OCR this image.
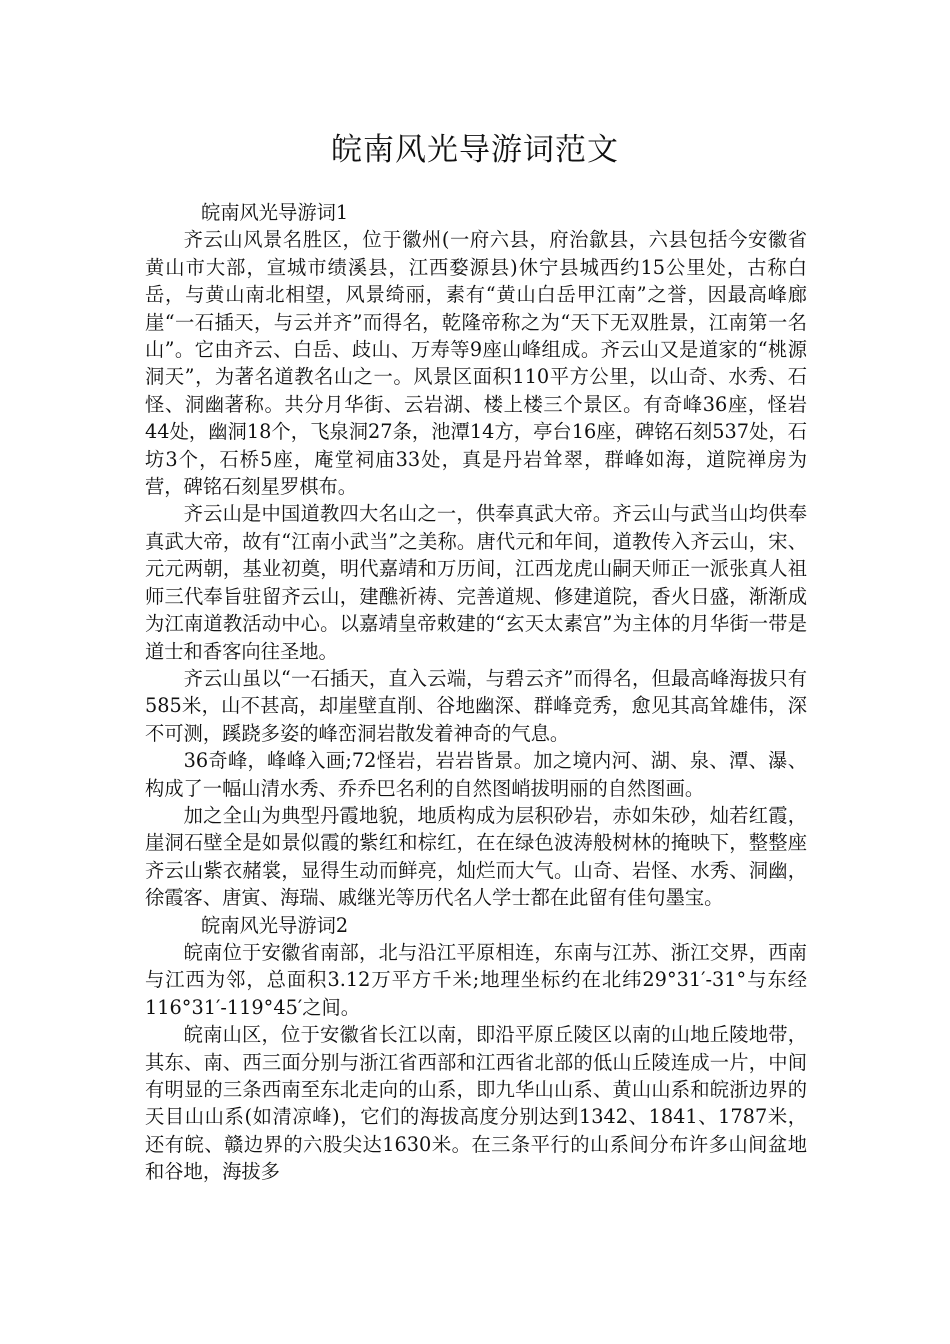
皖南风光导游词范文

皖南风光导游词1

齐云山风景名胜区，位于徽州(一府六县，府治歙县，六县包括今安徽省黄山市大部，宣城市绩溪县，江西婺源县)休宁县城西约15公里处，古称白岳，与黄山南北相望，风景绮丽，素有“黄山白岳甲江南”之誉，因最高峰廊崖“一石插天，与云并齐”而得名，乾隆帝称之为“天下无双胜景，江南第一名山”。它由齐云、白岳、歧山、万寿等9座山峰组成。齐云山又是道家的“桃源洞天”，为著名道教名山之一。风景区面积110平方公里，以山奇、水秀、石怪、洞幽著称。共分月华街、云岩湖、楼上楼三个景区。有奇峰36座，怪岩44处，幽洞18个，飞泉洞27条，池潭14方，亭台16座，碑铭石刻537处，石坊3个，石桥5座，庵堂祠庙33处，真是丹岩耸翠，群峰如海，道院禅房为营，碑铭石刻星罗棋布。

齐云山是中国道教四大名山之一，供奉真武大帝。齐云山与武当山均供奉真武大帝，故有“江南小武当”之美称。唐代元和年间，道教传入齐云山，宋、元元两朝，基业初奠，明代嘉靖和万历间，江西龙虎山嗣天师正一派张真人祖师三代奉旨驻留齐云山，建醮祈祷、完善道规、修建道院，香火日盛，渐渐成为江南道教活动中心。以嘉靖皇帝敕建的“玄天太素宫”为主体的月华街一带是道士和香客向往圣地。

齐云山虽以“一石插天，直入云端，与碧云齐”而得名，但最高峰海拔只有585米，山不甚高，却崖壁直削、谷地幽深、群峰竞秀，愈见其高耸雄伟，深不可测，蹊跷多姿的峰峦洞岩散发着神奇的气息。

36奇峰，峰峰入画;72怪岩，岩岩皆景。加之境内河、湖、泉、潭、瀑、构成了一幅山清水秀、乔乔巴名利的自然图峭拔明丽的自然图画。

加之全山为典型丹霞地貌，地质构成为层积砂岩，赤如朱砂，灿若红霞，崖洞石壁全是如景似霞的紫红和棕红，在在绿色波涛般树林的掩映下，整整座齐云山紫衣赭裳，显得生动而鲜亮，灿烂而大气。山奇、岩怪、水秀、洞幽，徐霞客、唐寅、海瑞、戚继光等历代名人学士都在此留有佳句墨宝。

皖南风光导游词2

皖南位于安徽省南部，北与沿江平原相连，东南与江苏、浙江交界，西南与江西为邻，总面积3.12万平方千米;地理坐标约在北纬29°31′-31°与东经116°31′-119°45′之间。

皖南山区，位于安徽省长江以南，即沿平原丘陵区以南的山地丘陵地带，其东、南、西三面分别与浙江省西部和江西省北部的低山丘陵连成一片，中间有明显的三条西南至东北走向的山系，即九华山山系、黄山山系和皖浙边界的天目山山系(如清凉峰)，它们的海拔高度分别达到1342、1841、1787米，还有皖、赣边界的六股尖达1630米。在三条平行的山系间分布许多山间盆地和谷地，海拔多
